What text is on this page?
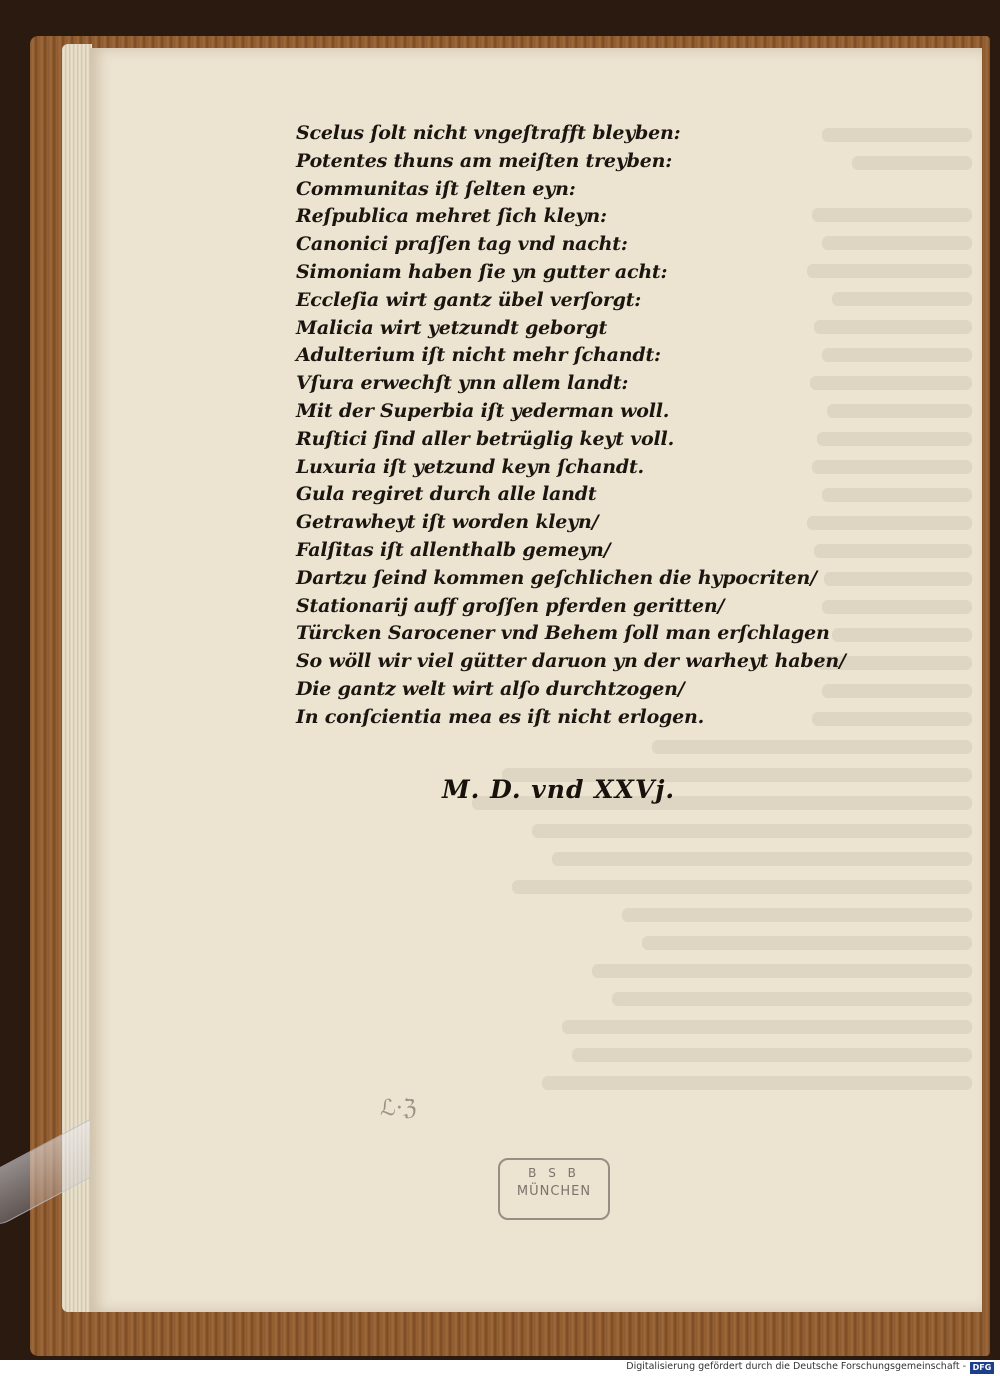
Scelus ſolt nicht vngeſtrafft bleyben:
Potentes thuns am meiſten treyben:
Communitas iſt ſelten eyn:
Reſpublica mehret ſich kleyn:
Canonici praſſen tag vnd nacht:
Simoniam haben ſie yn gutter acht:
Eccleſia wirt gantz übel verſorgt:
Malicia wirt yetzundt geborgt
Adulterium iſt nicht mehr ſchandt:
Vſura erwechſt ynn allem landt:
Mit der Superbia iſt yederman woll.
Ruſtici ſind aller betrüglig keyt voll.
Luxuria iſt yetzund keyn ſchandt.
Gula regiret durch alle landt
Getrawheyt iſt worden kleyn/
Falſitas iſt allenthalb gemeyn/
Dartzu ſeind kommen geſchlichen die hypocriten/
Stationarij auff groſſen pferden geritten/
Türcken Sarocener vnd Behem ſoll man erſchlagen
So wöll wir viel gütter daruon yn der warheyt haben/
Die gantz welt wirt alſo durchtzogen/
In conſcientia mea es iſt nicht erlogen.
M. D. vnd XXVj.
ℒ·ℨ
B S B
MÜNCHEN
Digitalisierung gefördert durch die Deutsche Forschungsgemeinschaft - DFG
